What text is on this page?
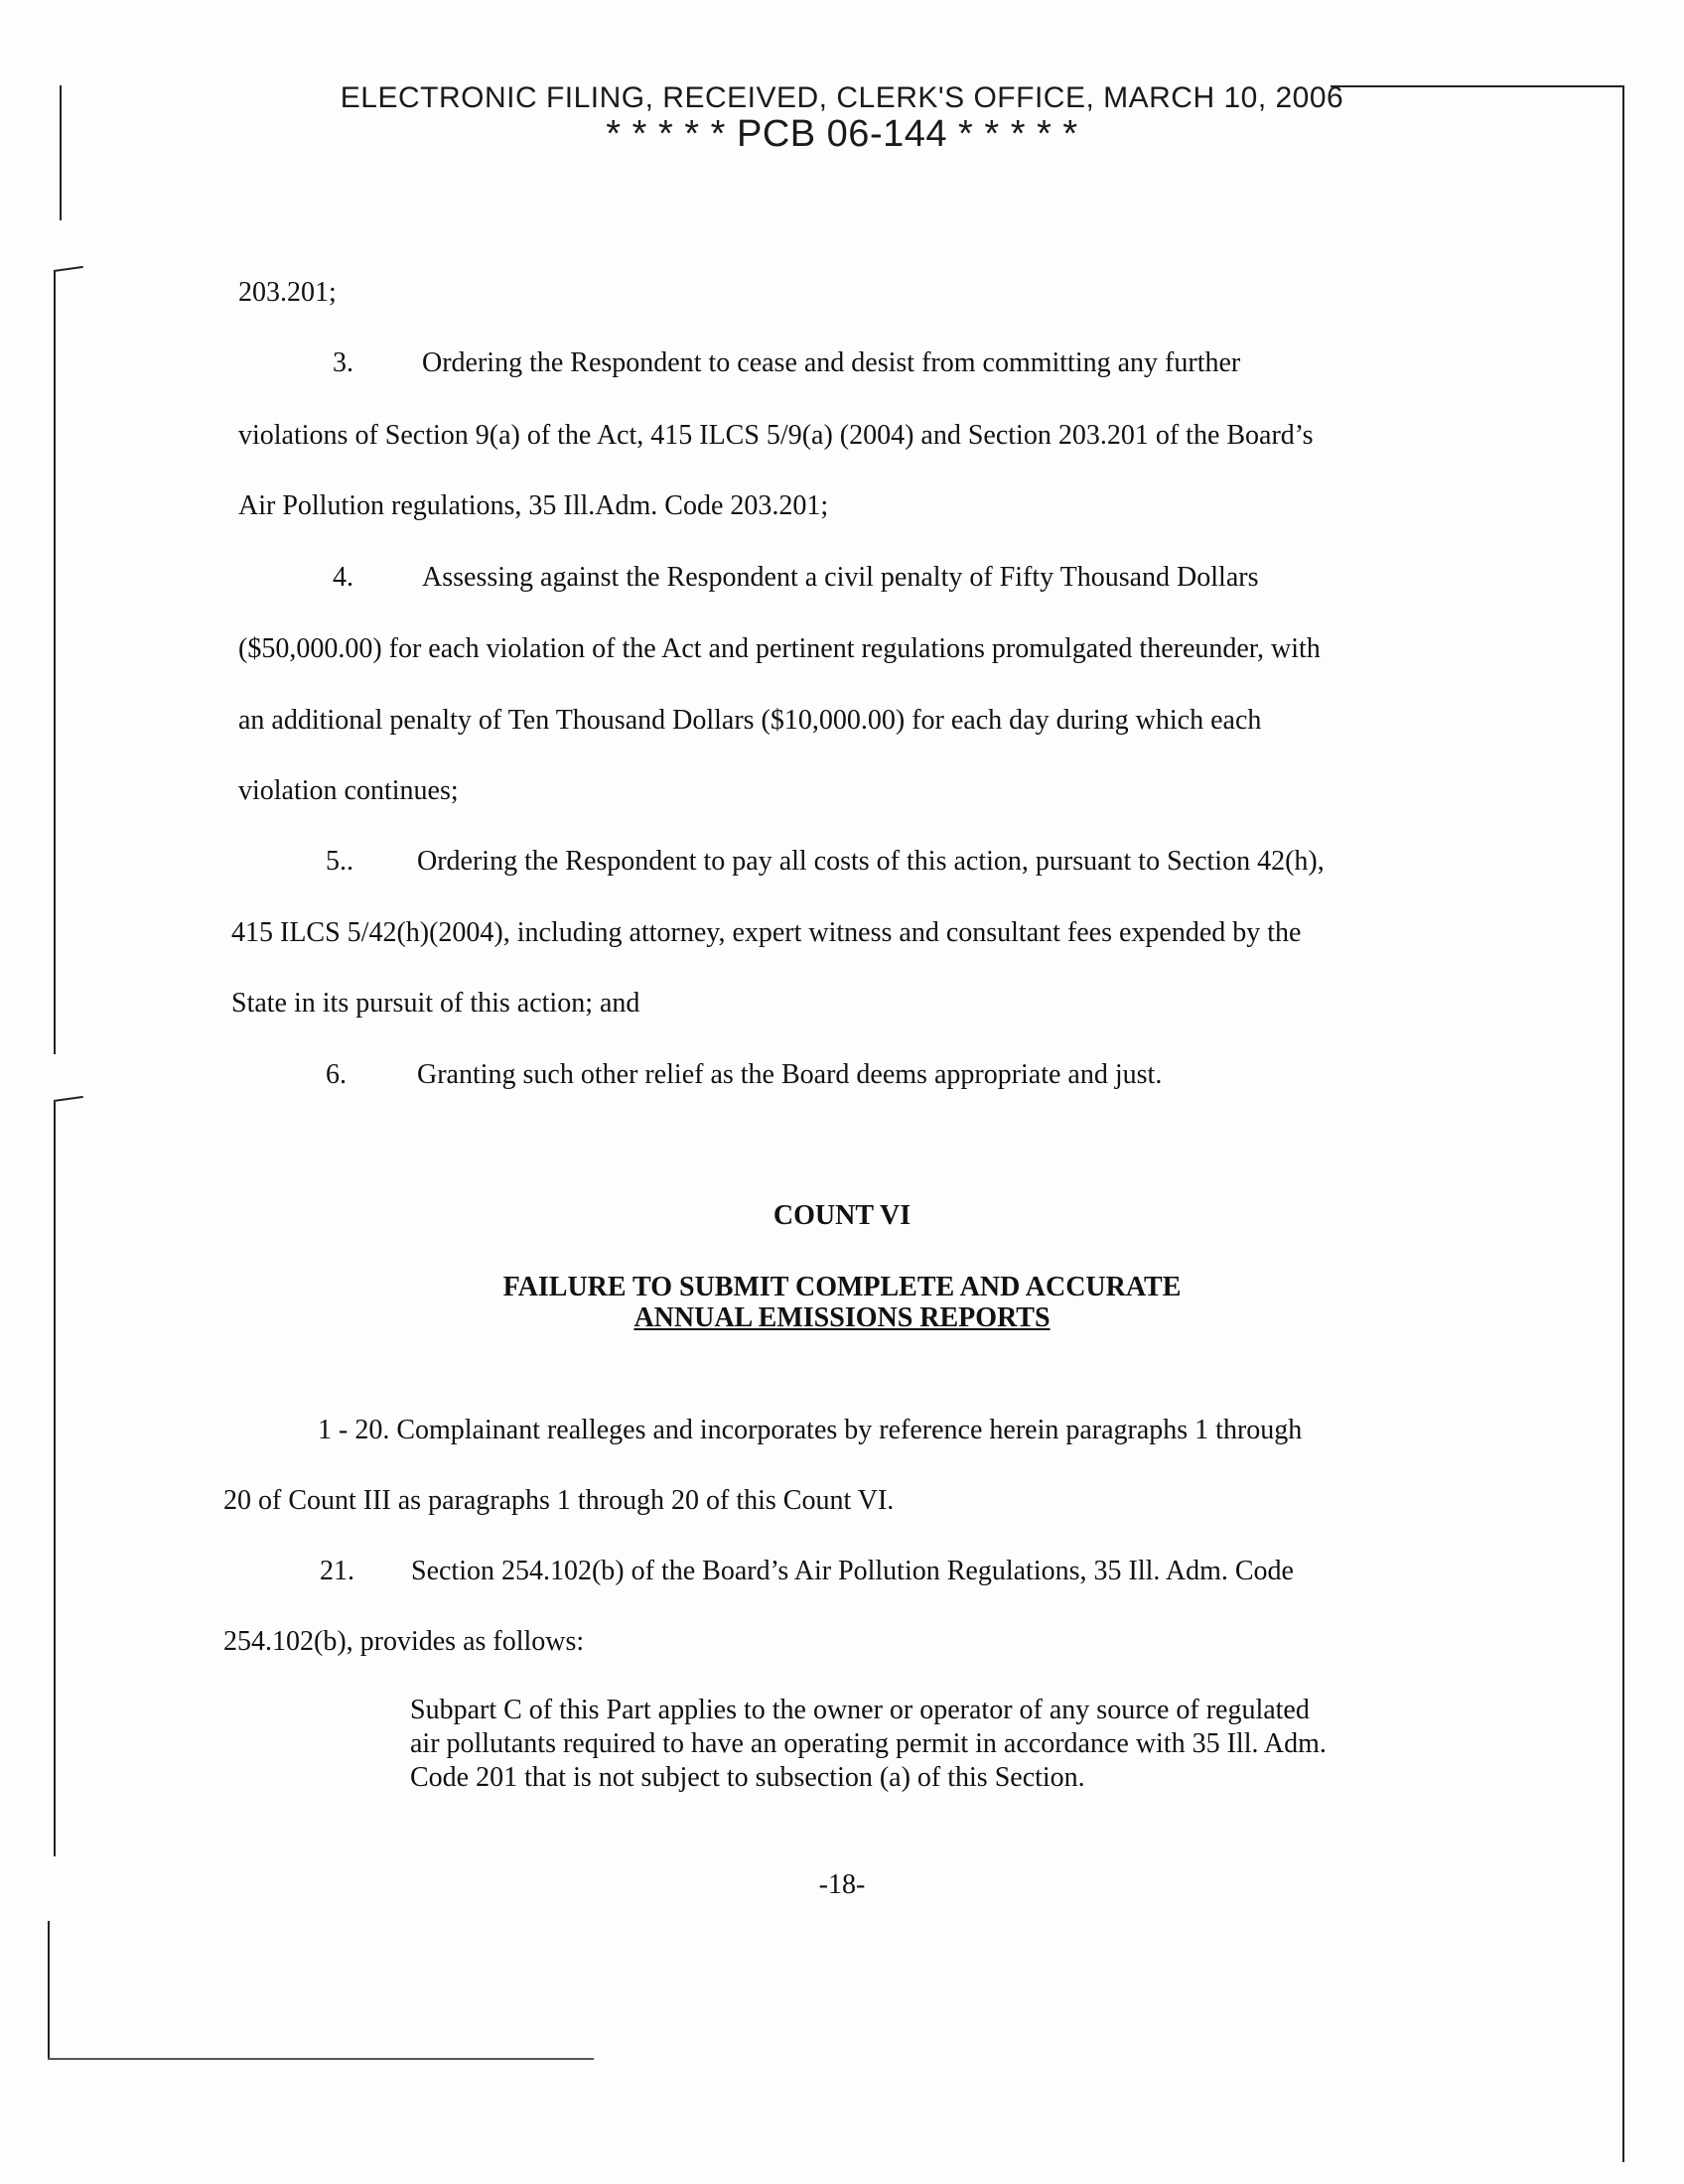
ELECTRONIC FILING, RECEIVED, CLERK'S OFFICE, MARCH 10, 2006
* * * * * PCB 06-144 * * * * *
203.201;
3. Ordering the Respondent to cease and desist from committing any further
violations of Section 9(a) of the Act, 415 ILCS 5/9(a) (2004) and Section 203.201 of the Board’s
Air Pollution regulations, 35 Ill.Adm. Code 203.201;
4. Assessing against the Respondent a civil penalty of Fifty Thousand Dollars
($50,000.00) for each violation of the Act and pertinent regulations promulgated thereunder, with
an additional penalty of Ten Thousand Dollars ($10,000.00) for each day during which each
violation continues;
5.. Ordering the Respondent to pay all costs of this action, pursuant to Section 42(h),
415 ILCS 5/42(h)(2004), including attorney, expert witness and consultant fees expended by the
State in its pursuit of this action; and
6.	Granting such other relief as the Board deems appropriate and just.
COUNT VI
FAILURE TO SUBMIT COMPLETE AND ACCURATE
ANNUAL EMISSIONS REPORTS
1 - 20. Complainant realleges and incorporates by reference herein paragraphs 1 through
20 of Count III as paragraphs 1 through 20 of this Count VI.
21. Section 254.102(b) of the Board’s Air Pollution Regulations, 35 Ill. Adm. Code
254.102(b), provides as follows:
Subpart C of this Part applies to the owner or operator of any source of regulated
air pollutants required to have an operating permit in accordance with 35 Ill. Adm.
Code 201 that is not subject to subsection (a) of this Section.
-18-
